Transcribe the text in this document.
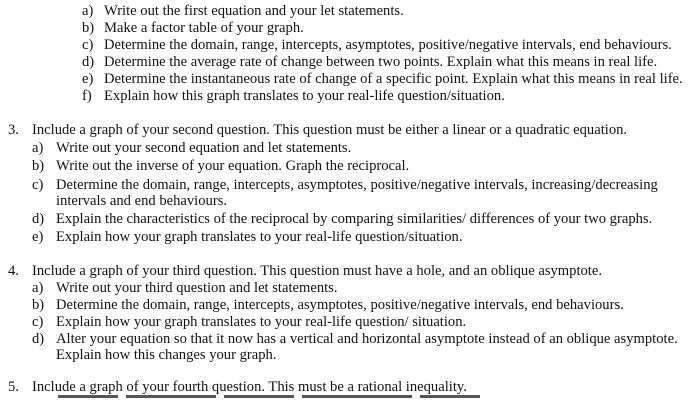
a) Write out the first equation and your let statements.
b) Make a factor table of your graph.
c) Determine the domain, range, intercepts, asymptotes, positive/negative intervals, end behaviours.
d) Determine the average rate of change between two points. Explain what this means in real life.
e) Determine the instantaneous rate of change of a specific point. Explain what this means in real life.
f) Explain how this graph translates to your real-life question/situation.
3. Include a graph of your second question. This question must be either a linear or a quadratic equation.
a) Write out your second equation and let statements.
b) Write out the inverse of your equation. Graph the reciprocal.
c) Determine the domain, range, intercepts, asymptotes, positive/negative intervals, increasing/decreasing
intervals and end behaviours.
d) Explain the characteristics of the reciprocal by comparing similarities/ differences of your two graphs.
e) Explain how your graph translates to your real-life question/situation.
4. Include a graph of your third question. This question must have a hole, and an oblique asymptote.
a) Write out your third question and let statements.
b) Determine the domain, range, intercepts, asymptotes, positive/negative intervals, end behaviours.
c) Explain how your graph translates to your real-life question/ situation.
d) Alter your equation so that it now has a vertical and horizontal asymptote instead of an oblique asymptote.
Explain how this changes your graph.
5. Include a graph of your fourth question. This must be a rational inequality.
